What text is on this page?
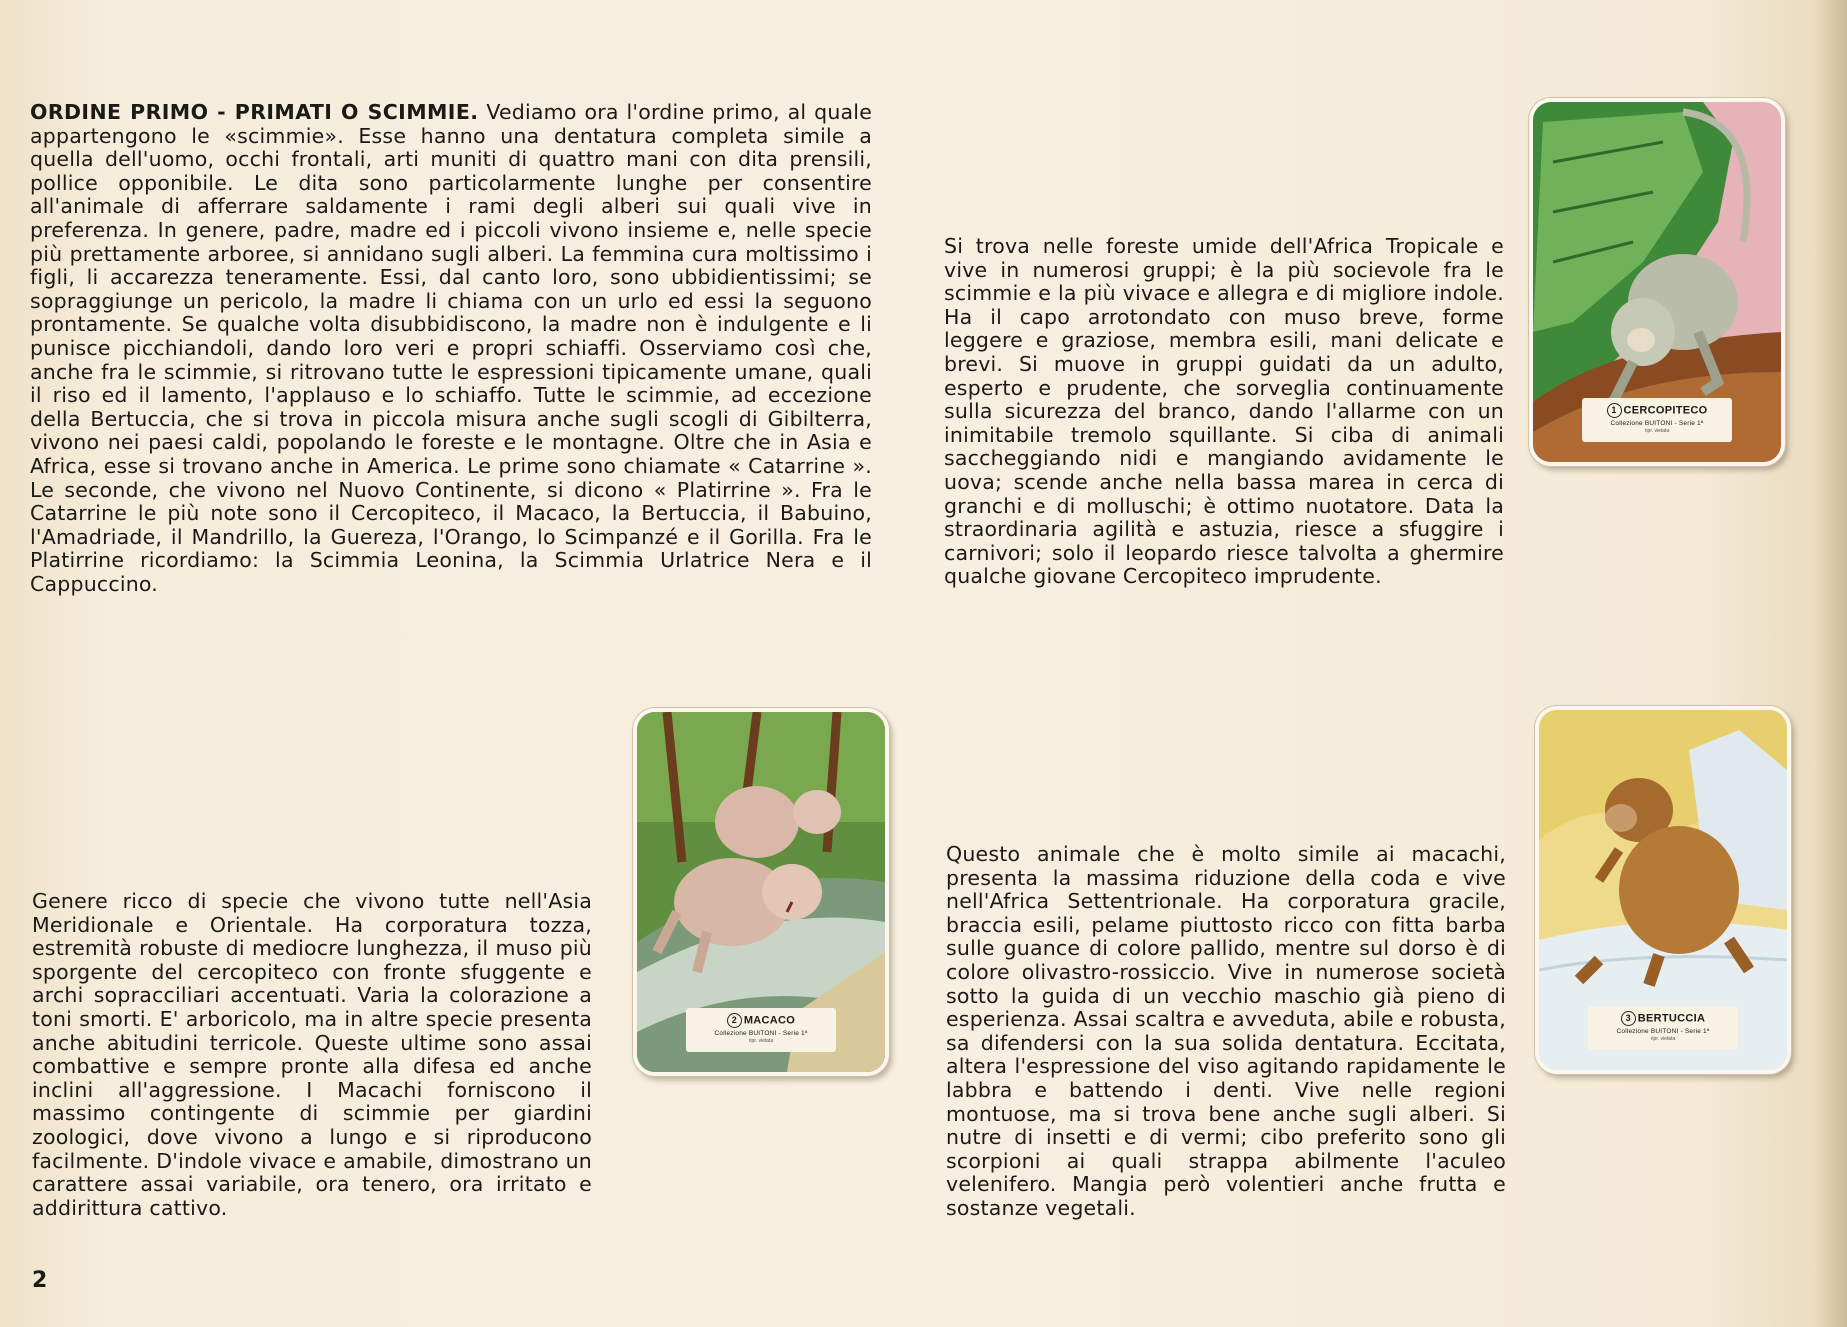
ORDINE PRIMO - PRIMATI O SCIMMIE. Vediamo ora l'ordine primo, al quale appartengono le «scimmie». Esse hanno una dentatura completa simile a quella dell'uomo, occhi frontali, arti muniti di quattro mani con dita prensili, pollice opponibile. Le dita sono particolarmente lunghe per consentire all'animale di afferrare saldamente i rami degli alberi sui quali vive in preferenza. In genere, padre, madre ed i piccoli vivono insieme e, nelle specie più prettamente arboree, si annidano sugli alberi. La femmina cura moltissimo i figli, li accarezza teneramente. Essi, dal canto loro, sono ubbidientissimi; se sopraggiunge un pericolo, la madre li chiama con un urlo ed essi la seguono prontamente. Se qualche volta disubbidiscono, la madre non è indulgente e li punisce picchiandoli, dando loro veri e propri schiaffi. Osserviamo così che, anche fra le scimmie, si ritrovano tutte le espressioni tipicamente umane, quali il riso ed il lamento, l'applauso e lo schiaffo. Tutte le scimmie, ad eccezione della Bertuccia, che si trova in piccola misura anche sugli scogli di Gibilterra, vivono nei paesi caldi, popolando le foreste e le montagne. Oltre che in Asia e Africa, esse si trovano anche in America. Le prime sono chiamate « Catarrine ». Le seconde, che vivono nel Nuovo Continente, si dicono « Platirrine ». Fra le Catarrine le più note sono il Cercopiteco, il Macaco, la Bertuccia, il Babuino, l'Amadriade, il Mandrillo, la Guereza, l'Orango, lo Scimpanzé e il Gorilla. Fra le Platirrine ricordiamo: la Scimmia Leonina, la Scimmia Urlatrice Nera e il Cappuccino.
Si trova nelle foreste umide dell'Africa Tropicale e vive in numerosi gruppi; è la più socievole fra le scimmie e la più vivace e allegra e di migliore indole. Ha il capo arrotondato con muso breve, forme leggere e graziose, membra esili, mani delicate e brevi. Si muove in gruppi guidati da un adulto, esperto e prudente, che sorveglia continuamente sulla sicurezza del branco, dando l'allarme con un inimitabile tremolo squillante. Si ciba di animali saccheggiando nidi e mangiando avidamente le uova; scende anche nella bassa marea in cerca di granchi e di molluschi; è ottimo nuotatore. Data la straordinaria agilità e astuzia, riesce a sfuggire i carnivori; solo il leopardo riesce talvolta a ghermire qualche giovane Cercopiteco imprudente.
1 CERCOPITECO
Collezione BUITONI - Serie 1ª
ripr. vietata
2 MACACO
Collezione BUITONI - Serie 1ª
ripr. vietata
Genere ricco di specie che vivono tutte nell'Asia Meridionale e Orientale. Ha corporatura tozza, estremità robuste di mediocre lunghezza, il muso più sporgente del cercopiteco con fronte sfuggente e archi sopracciliari accentuati. Varia la colorazione a toni smorti. E' arboricolo, ma in altre specie presenta anche abitudini terricole. Queste ultime sono assai combattive e sempre pronte alla difesa ed anche inclini all'aggressione. I Macachi forniscono il massimo contingente di scimmie per giardini zoologici, dove vivono a lungo e si riproducono facilmente. D'indole vivace e amabile, dimostrano un carattere assai variabile, ora tenero, ora irritato e addirittura cattivo.
3 BERTUCCIA
Collezione BUITONI - Serie 1ª
ripr. vietata
Questo animale che è molto simile ai macachi, presenta la massima riduzione della coda e vive nell'Africa Settentrionale. Ha corporatura gracile, braccia esili, pelame piuttosto ricco con fitta barba sulle guance di colore pallido, mentre sul dorso è di colore olivastro-rossiccio. Vive in numerose società sotto la guida di un vecchio maschio già pieno di esperienza. Assai scaltra e avveduta, abile e robusta, sa difendersi con la sua solida dentatura. Eccitata, altera l'espressione del viso agitando rapidamente le labbra e battendo i denti. Vive nelle regioni montuose, ma si trova bene anche sugli alberi. Si nutre di insetti e di vermi; cibo preferito sono gli scorpioni ai quali strappa abilmente l'aculeo velenifero. Mangia però volentieri anche frutta e sostanze vegetali.
2
